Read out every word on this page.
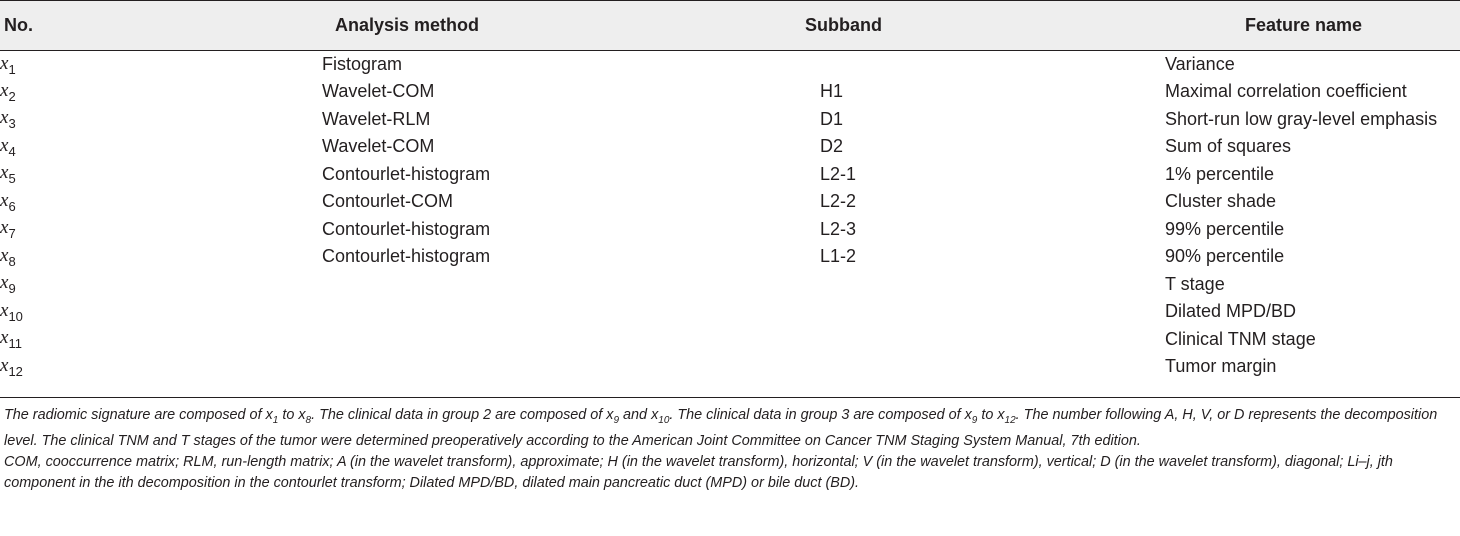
No.	Analysis method	Subband	Feature name
$x_1$	Fistogram		Variance
$x_2$	Wavelet-COM	H1	Maximal correlation coefficient
$x_3$	Wavelet-RLM	D1	Short-run low gray-level emphasis
$x_4$	Wavelet-COM	D2	Sum of squares
$x_5$	Contourlet-histogram	L2-1	1% percentile
$x_6$	Contourlet-COM	L2-2	Cluster shade
$x_7$	Contourlet-histogram	L2-3	99% percentile
$x_8$	Contourlet-histogram	L1-2	90% percentile
$x_9$			T stage
$x_{10}$			Dilated MPD/BD
$x_{11}$			Clinical TNM stage
$x_{12}$			Tumor margin

The radiomic signature are composed of $x_1$ to $x_8$. The clinical data in group 2 are composed of $x_9$ and $x_{10}$. The clinical data in group 3 are composed of $x_9$ to $x_{12}$. The number following A, H, V, or D represents the decomposition level. The clinical TNM and T stages of the tumor were determined preoperatively according to the American Joint Committee on Cancer TNM Staging System Manual, 7th edition.

COM, cooccurrence matrix; RLM, run-length matrix; A (in the wavelet transform), approximate; H (in the wavelet transform), horizontal; V (in the wavelet transform), vertical; D (in the wavelet transform), diagonal; Li–j, jth component in the ith decomposition in the contourlet transform; Dilated MPD/BD, dilated main pancreatic duct (MPD) or bile duct (BD).
